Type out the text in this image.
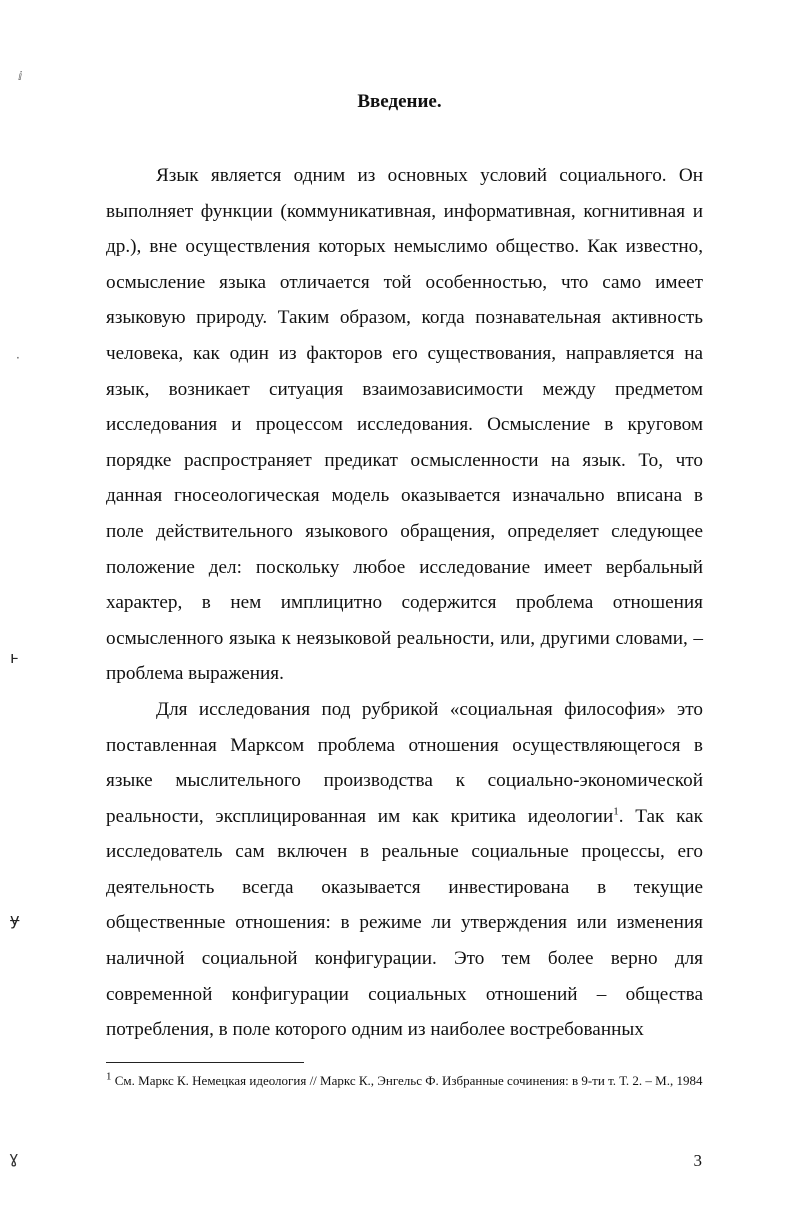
ⅈ
·
ⱶ
ɏ
ɣ
Введение.

Язык является одним из основных условий социального. Он выполняет функции (коммуникативная, информативная, когнитивная и др.), вне осуществления которых немыслимо общество. Как известно, осмысление языка отличается той особенностью, что само имеет языковую природу. Таким образом, когда познавательная активность человека, как один из факторов его существования, направляется на язык, возникает ситуация взаимозависимости между предметом исследования и процессом исследования. Осмысление в круговом порядке распространяет предикат осмысленности на язык. То, что данная гносеологическая модель оказывается изначально вписана в поле действительного языкового обращения, определяет следующее положение дел: поскольку любое исследование имеет вербальный характер, в нем имплицитно содержится проблема отношения осмысленного языка к неязыковой реальности, или, другими словами, – проблема выражения.

Для исследования под рубрикой «социальная философия» это поставленная Марксом проблема отношения осуществляющегося в языке мыслительного производства к социально-экономической реальности, эксплицированная им как критика идеологии$^1$. Так как исследователь сам включен в реальные социальные процессы, его деятельность всегда оказывается инвестирована в текущие общественные отношения: в режиме ли утверждения или изменения наличной социальной конфигурации. Это тем более верно для современной конфигурации социальных отношений – общества потребления, в поле которого одним из наиболее востребованных

$^1$ См. Маркс К. Немецкая идеология // Маркс К., Энгельс Ф. Избранные сочинения: в 9-ти т. Т. 2. – М., 1984
3
